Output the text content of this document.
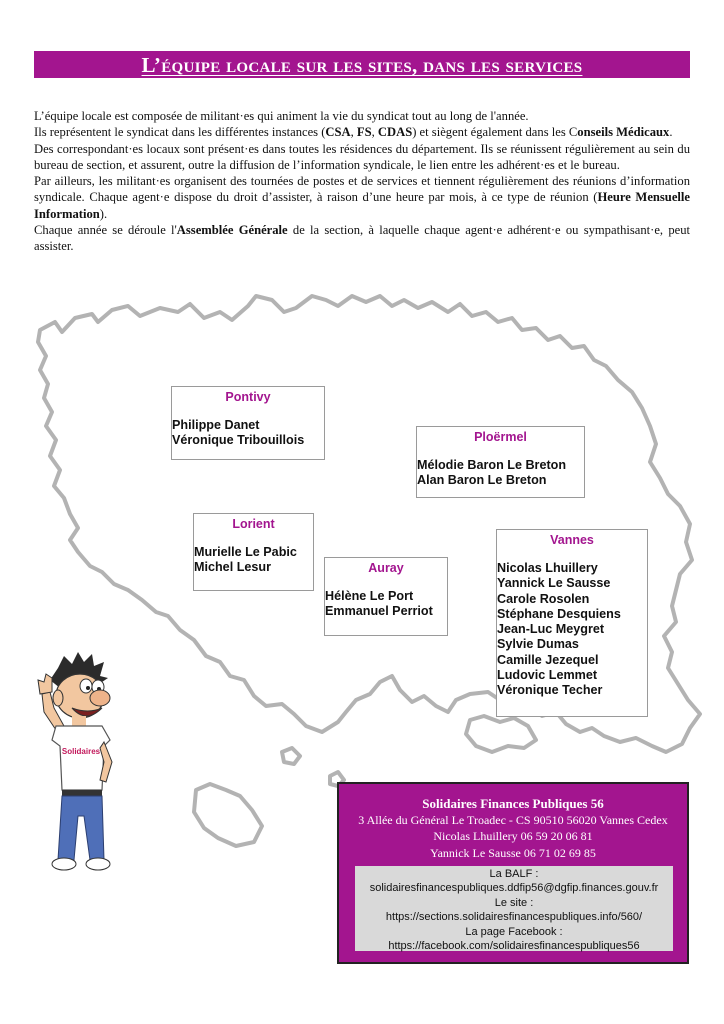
L’équipe locale sur les sites, dans les services

L’équipe locale est composée de militant·es qui animent la vie du syndicat tout au long de l'année.

Ils représentent le syndicat dans les différentes instances (CSA, FS, CDAS) et siègent également dans les Conseils Médicaux.

Des correspondant·es locaux sont présent·es dans toutes les résidences du département. Ils se réunissent régulièrement au sein du bureau de section, et assurent, outre la diffusion de l’information syndicale, le lien entre les adhérent·es et le bureau.

Par ailleurs, les militant·es organisent des tournées de postes et de services et tiennent régulièrement des réunions d’information syndicale. Chaque agent·e dispose du droit d’assister, à raison d’une heure par mois, à ce type de réunion (Heure Mensuelle Information).

Chaque année se déroule l'Assemblée Générale de la section, à laquelle chaque agent·e adhérent·e ou sympathisant·e, peut assister.

Pontivy
Philippe Danet
Véronique Tribouillois	Ploërmel
Mélodie Baron Le Breton
Alan Baron Le Breton
Lorient
Murielle Le Pabic
Michel Lesur	Auray
Hélène Le Port
Emmanuel Perriot
Vannes
Nicolas Lhuillery
Yannick Le Sausse
Carole Rosolen
Stéphane Desquiens
Jean-Luc Meygret
Sylvie Dumas
Camille Jezequel
Ludovic Lemmet
Véronique Techer
Solidaires
Solidaires Finances Publiques 56
3 Allée du Général Le Troadec - CS 90510 56020 Vannes Cedex
Nicolas Lhuillery 06 59 20 06 81
Yannick Le Sausse 06 71 02 69 85
La BALF :
solidairesfinancespubliques.ddfip56@dgfip.finances.gouv.fr
Le site :
https://sections.solidairesfinancespubliques.info/560/
La page Facebook :
https://facebook.com/solidairesfinancespubliques56
